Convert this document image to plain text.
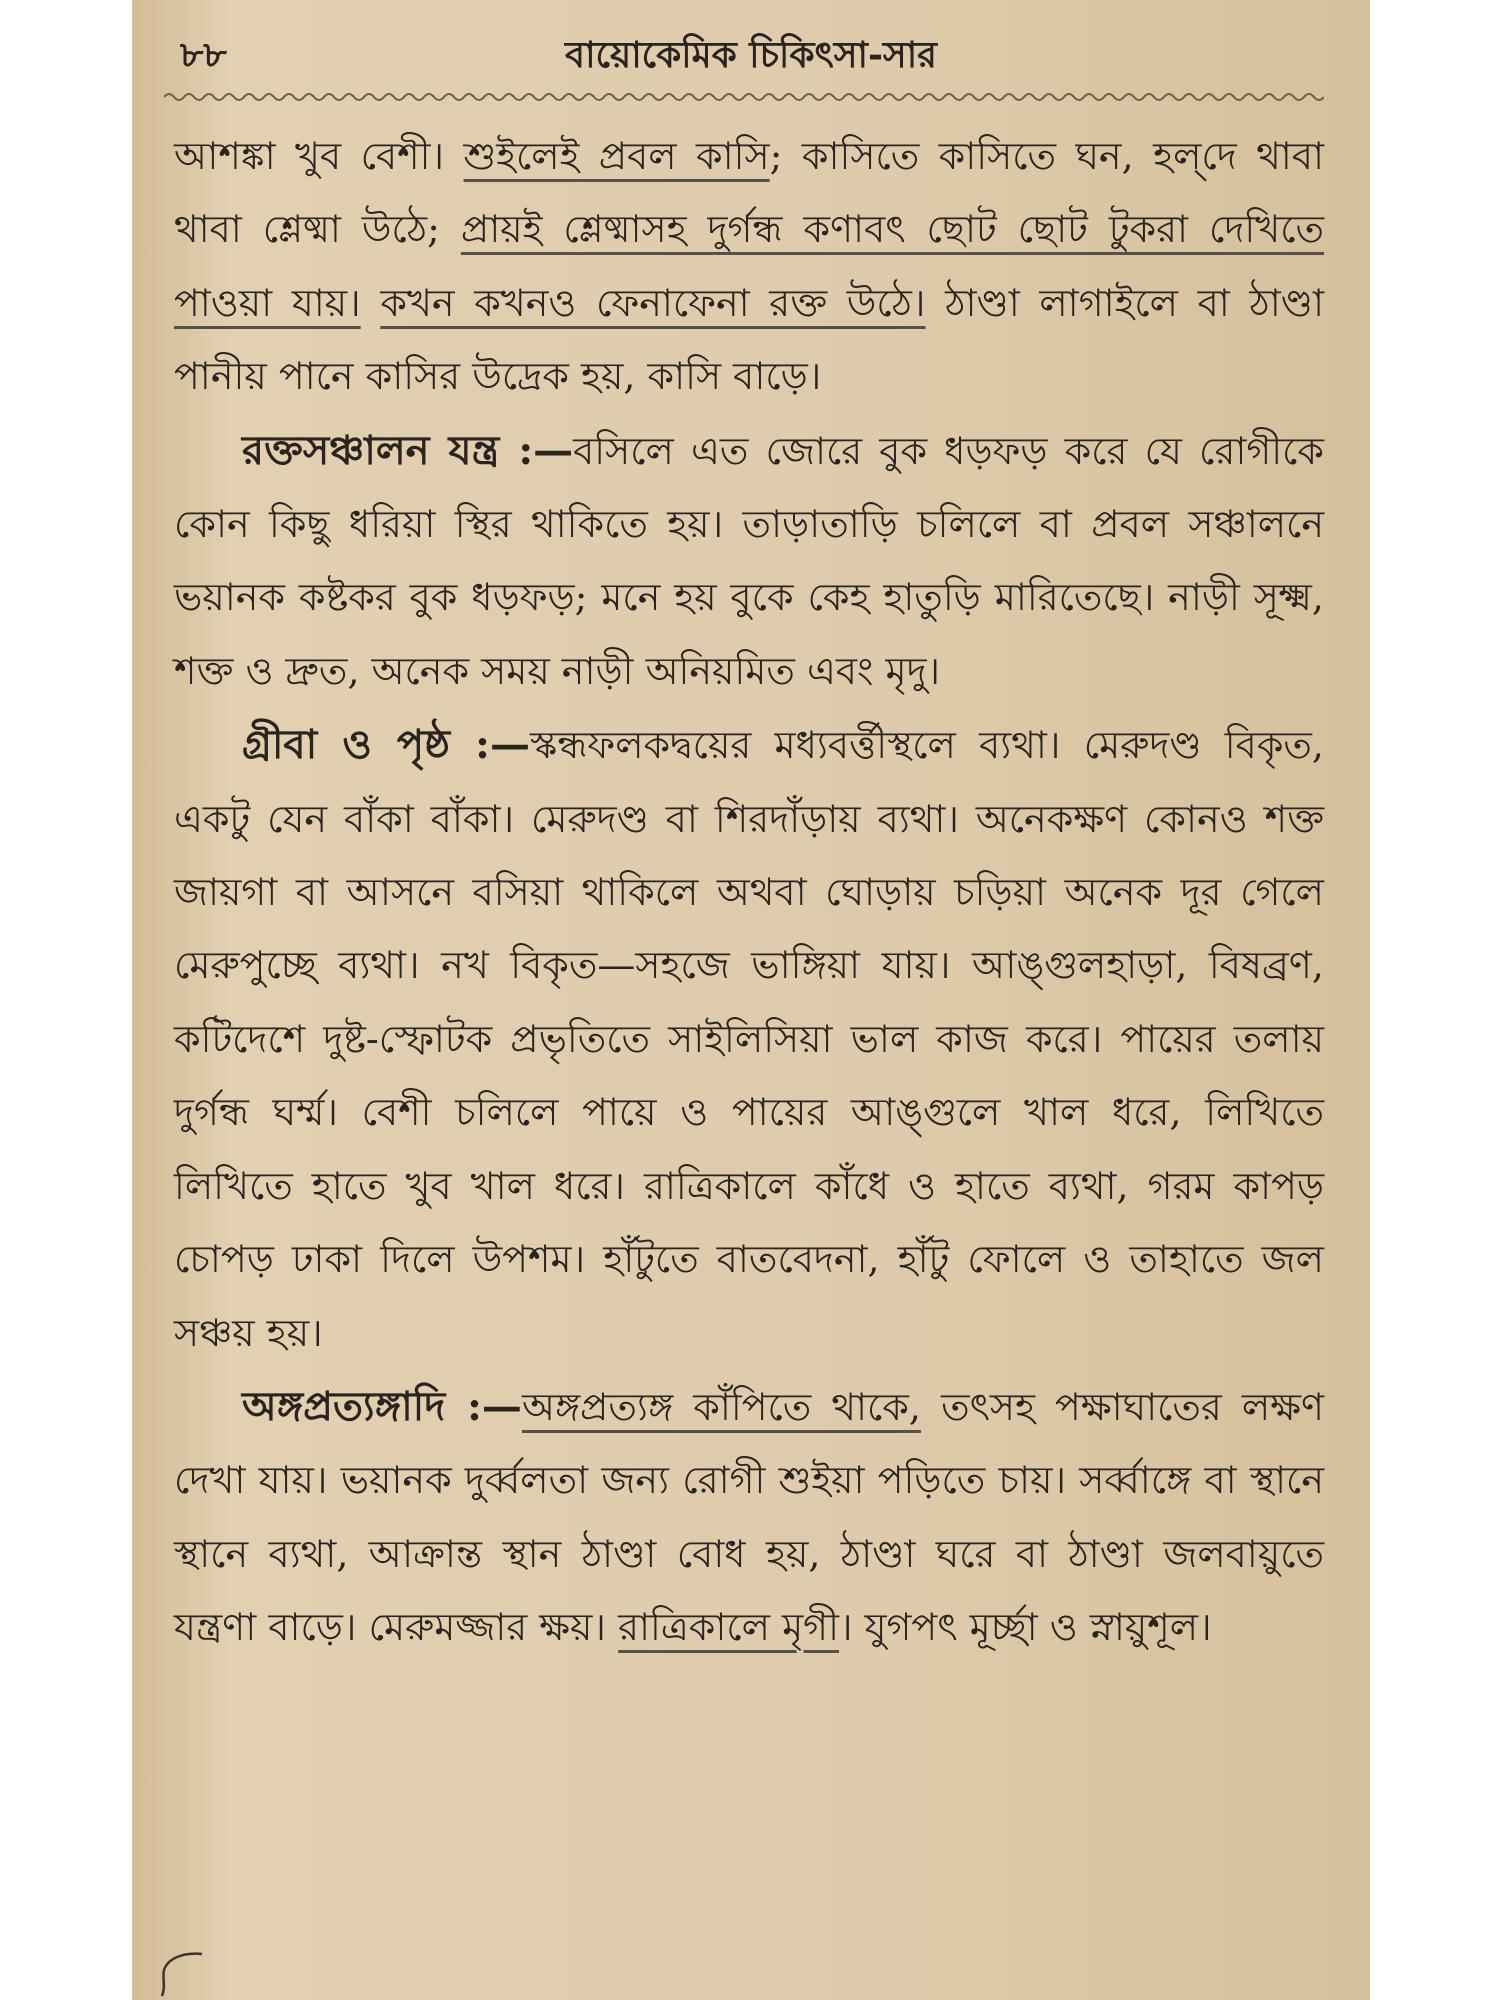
৮৮	বায়োকেমিক চিকিৎসা-সার

আশঙ্কা খুব বেশী। শুইলেই প্রবল কাসি; কাসিতে কাসিতে ঘন, হল্‌দে থাবা থাবা শ্লেষ্মা উঠে; প্রায়ই শ্লেষ্মাসহ দুর্গন্ধ কণাবৎ ছোট ছোট টুকরা দেখিতে পাওয়া যায়। কখন কখনও ফেনাফেনা রক্ত উঠে। ঠাণ্ডা লাগাইলে বা ঠাণ্ডা পানীয় পানে কাসির উদ্রেক হয়, কাসি বাড়ে।

রক্তসঞ্চালন যন্ত্র :—বসিলে এত জোরে বুক ধড়ফড় করে যে রোগীকে কোন কিছু ধরিয়া স্থির থাকিতে হয়। তাড়াতাড়ি চলিলে বা প্রবল সঞ্চালনে ভয়ানক কষ্টকর বুক ধড়ফড়; মনে হয় বুকে কেহ হাতুড়ি মারিতেছে। নাড়ী সূক্ষ্ম, শক্ত ও দ্রুত, অনেক সময় নাড়ী অনিয়মিত এবং মৃদু।

গ্রীবা ও পৃষ্ঠ :—স্কন্ধফলকদ্বয়ের মধ্যবর্ত্তীস্থলে ব্যথা। মেরুদণ্ড বিকৃত, একটু যেন বাঁকা বাঁকা। মেরুদণ্ড বা শিরদাঁড়ায় ব্যথা। অনেকক্ষণ কোনও শক্ত জায়গা বা আসনে বসিয়া থাকিলে অথবা ঘোড়ায় চড়িয়া অনেক দূর গেলে মেরুপুচ্ছে ব্যথা। নখ বিকৃত—সহজে ভাঙ্গিয়া যায়। আঙ্গুলহাড়া, বিষব্রণ, কটিদেশে দুষ্ট-স্ফোটক প্রভৃতিতে সাইলিসিয়া ভাল কাজ করে। পায়ের তলায় দুর্গন্ধ ঘর্ম্ম। বেশী চলিলে পায়ে ও পায়ের আঙ্গুলে খাল ধরে, লিখিতে লিখিতে হাতে খুব খাল ধরে। রাত্রিকালে কাঁধে ও হাতে ব্যথা, গরম কাপড় চোপড় ঢাকা দিলে উপশম। হাঁটুতে বাতবেদনা, হাঁটু ফোলে ও তাহাতে জল সঞ্চয় হয়।

অঙ্গপ্রত্যঙ্গাদি :—অঙ্গপ্রত্যঙ্গ কাঁপিতে থাকে, তৎসহ পক্ষাঘাতের লক্ষণ দেখা যায়। ভয়ানক দুর্ব্বলতা জন্য রোগী শুইয়া পড়িতে চায়। সর্ব্বাঙ্গে বা স্থানে স্থানে ব্যথা, আক্রান্ত স্থান ঠাণ্ডা বোধ হয়, ঠাণ্ডা ঘরে বা ঠাণ্ডা জলবায়ুতে যন্ত্রণা বাড়ে। মেরুমজ্জার ক্ষয়। রাত্রিকালে মৃগী। যুগপৎ মূর্চ্ছা ও স্নায়ুশূল।
